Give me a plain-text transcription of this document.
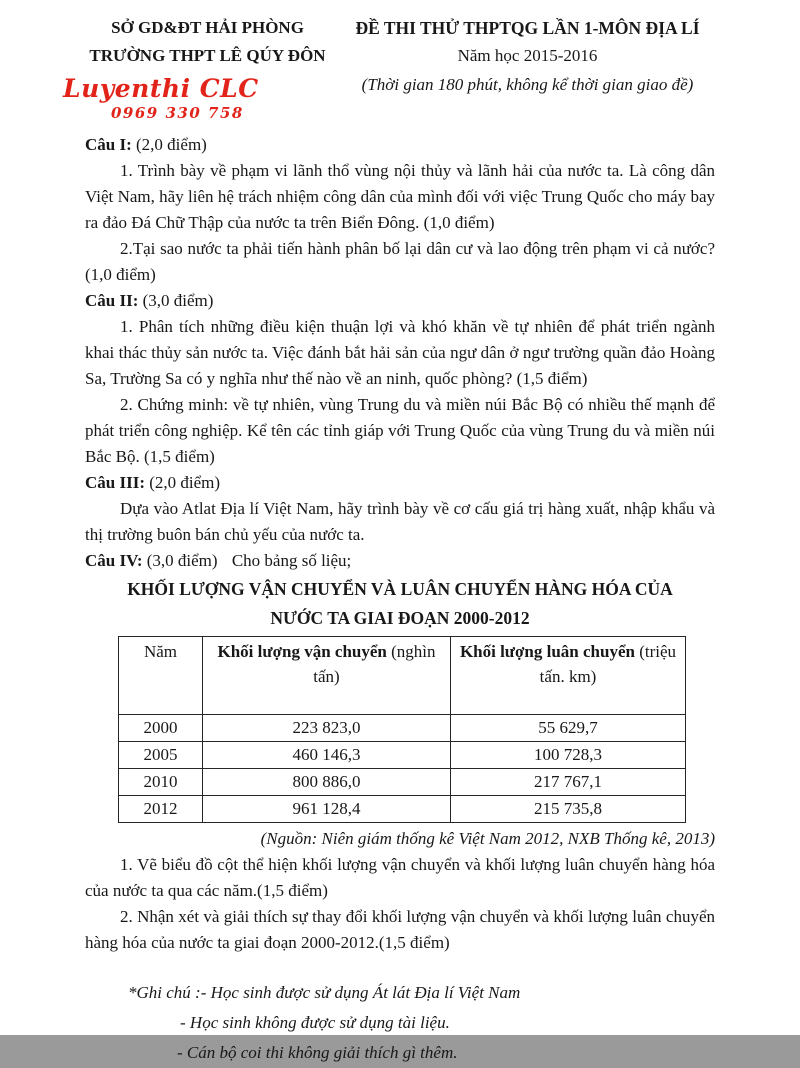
SỞ GD&ĐT HẢI PHÒNG
TRƯỜNG THPT LÊ QÚY ĐÔN
Luyenthi CLC
0969 330 758
ĐỀ THI THỬ THPTQG LẦN 1-MÔN ĐỊA LÍ
Năm học 2015-2016
(Thời gian 180 phút, không kể thời gian giao đề)
Câu I: (2,0 điểm)

1. Trình bày về phạm vi lãnh thổ vùng nội thủy và lãnh hải của nước ta. Là công dân Việt Nam, hãy liên hệ trách nhiệm công dân của mình đối với việc Trung Quốc cho máy bay ra đảo Đá Chữ Thập của nước ta trên Biển Đông. (1,0 điểm)

2.Tại sao nước ta phải tiến hành phân bố lại dân cư và lao động trên phạm vi cả nước? (1,0 điểm)

Câu II: (3,0 điểm)

1. Phân tích những điều kiện thuận lợi và khó khăn về tự nhiên để phát triển ngành khai thác thủy sản nước ta. Việc đánh bắt hải sản của ngư dân ở ngư trường quần đảo Hoàng Sa, Trường Sa có y nghĩa như thế nào về an ninh, quốc phòng? (1,5 điểm)

2. Chứng minh: về tự nhiên, vùng Trung du và miền núi Bắc Bộ có nhiều thế mạnh để phát triển công nghiệp. Kể tên các tỉnh giáp với Trung Quốc của vùng Trung du và miền núi Bắc Bộ. (1,5 điểm)

Câu III: (2,0 điểm)

Dựa vào Atlat Địa lí Việt Nam, hãy trình bày về cơ cấu giá trị hàng xuất, nhập khẩu và thị trường buôn bán chủ yếu của nước ta.

Câu IV: (3,0 điểm) Cho bảng số liệu;
KHỐI LƯỢNG VẬN CHUYỂN VÀ LUÂN CHUYỂN HÀNG HÓA CỦA NƯỚC TA GIAI ĐOẠN 2000-2012
Năm	Khối lượng vận chuyển (nghìn tấn)	Khối lượng luân chuyển (triệu tấn. km)
2000	223 823,0	55 629,7
2005	460 146,3	100 728,3
2010	800 886,0	217 767,1
2012	961 128,4	215 735,8
(Nguồn: Niên giám thống kê Việt Nam 2012, NXB Thống kê, 2013)

1. Vẽ biểu đồ cột thể hiện khối lượng vận chuyển và khối lượng luân chuyển hàng hóa của nước ta qua các năm.(1,5 điểm)

2. Nhận xét và giải thích sự thay đổi khối lượng vận chuyển và khối lượng luân chuyển hàng hóa của nước ta giai đoạn 2000-2012.(1,5 điểm)

*Ghi chú :- Học sinh được sử dụng Át lát Địa lí Việt Nam
- Học sinh không được sử dụng tài liệu.
- Cán bộ coi thi không giải thích gì thêm.
